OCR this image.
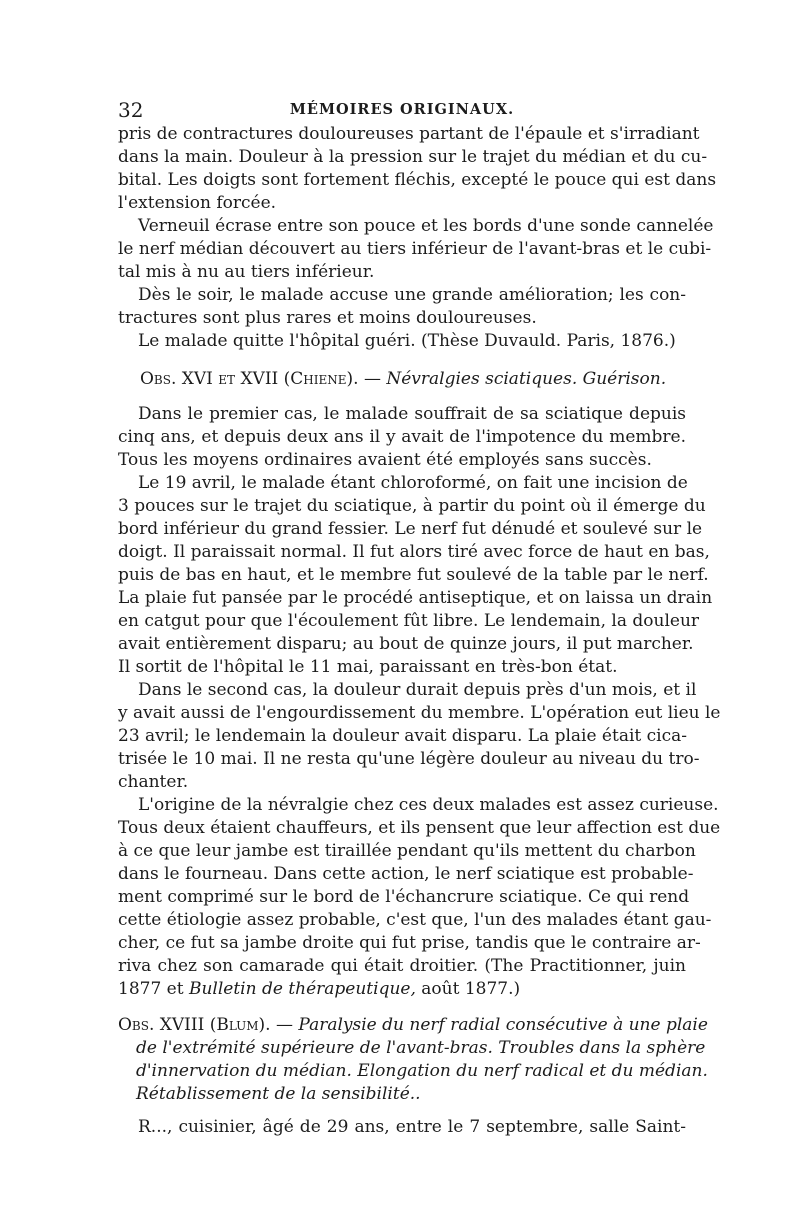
32	MÉMOIRES ORIGINAUX.
pris de contractures douloureuses partant de l'épaule et s'irradiant
dans la main. Douleur à la pression sur le trajet du médian et du cu-
bital. Les doigts sont fortement fléchis, excepté le pouce qui est dans
l'extension forcée.
Verneuil écrase entre son pouce et les bords d'une sonde cannelée
le nerf médian découvert au tiers inférieur de l'avant-bras et le cubi-
tal mis à nu au tiers inférieur.
Dès le soir, le malade accuse une grande amélioration; les con-
tractures sont plus rares et moins douloureuses.
Le malade quitte l'hôpital guéri. (Thèse Duvauld. Paris, 1876.)
Obs. XVI et XVII (Chiene). — Névralgies sciatiques. Guérison.
Dans le premier cas, le malade souffrait de sa sciatique depuis
cinq ans, et depuis deux ans il y avait de l'impotence du membre.
Tous les moyens ordinaires avaient été employés sans succès.
Le 19 avril, le malade étant chloroformé, on fait une incision de
3 pouces sur le trajet du sciatique, à partir du point où il émerge du
bord inférieur du grand fessier. Le nerf fut dénudé et soulevé sur le
doigt. Il paraissait normal. Il fut alors tiré avec force de haut en bas,
puis de bas en haut, et le membre fut soulevé de la table par le nerf.
La plaie fut pansée par le procédé antiseptique, et on laissa un drain
en catgut pour que l'écoulement fût libre. Le lendemain, la douleur
avait entièrement disparu; au bout de quinze jours, il put marcher.
Il sortit de l'hôpital le 11 mai, paraissant en très-bon état.
Dans le second cas, la douleur durait depuis près d'un mois, et il
y avait aussi de l'engourdissement du membre. L'opération eut lieu le
23 avril; le lendemain la douleur avait disparu. La plaie était cica-
trisée le 10 mai. Il ne resta qu'une légère douleur au niveau du tro-
chanter.
L'origine de la névralgie chez ces deux malades est assez curieuse.
Tous deux étaient chauffeurs, et ils pensent que leur affection est due
à ce que leur jambe est tiraillée pendant qu'ils mettent du charbon
dans le fourneau. Dans cette action, le nerf sciatique est probable-
ment comprimé sur le bord de l'échancrure sciatique. Ce qui rend
cette étiologie assez probable, c'est que, l'un des malades étant gau-
cher, ce fut sa jambe droite qui fut prise, tandis que le contraire ar-
riva chez son camarade qui était droitier. (The Practitionner, juin
1877 et Bulletin de thérapeutique, août 1877.)
Obs. XVIII (Blum). — Paralysie du nerf radial consécutive à une plaie
de l'extrémité supérieure de l'avant-bras. Troubles dans la sphère
d'innervation du médian. Elongation du nerf radical et du médian.
Rétablissement de la sensibilité..
R..., cuisinier, âgé de 29 ans, entre le 7 septembre, salle Saint-
